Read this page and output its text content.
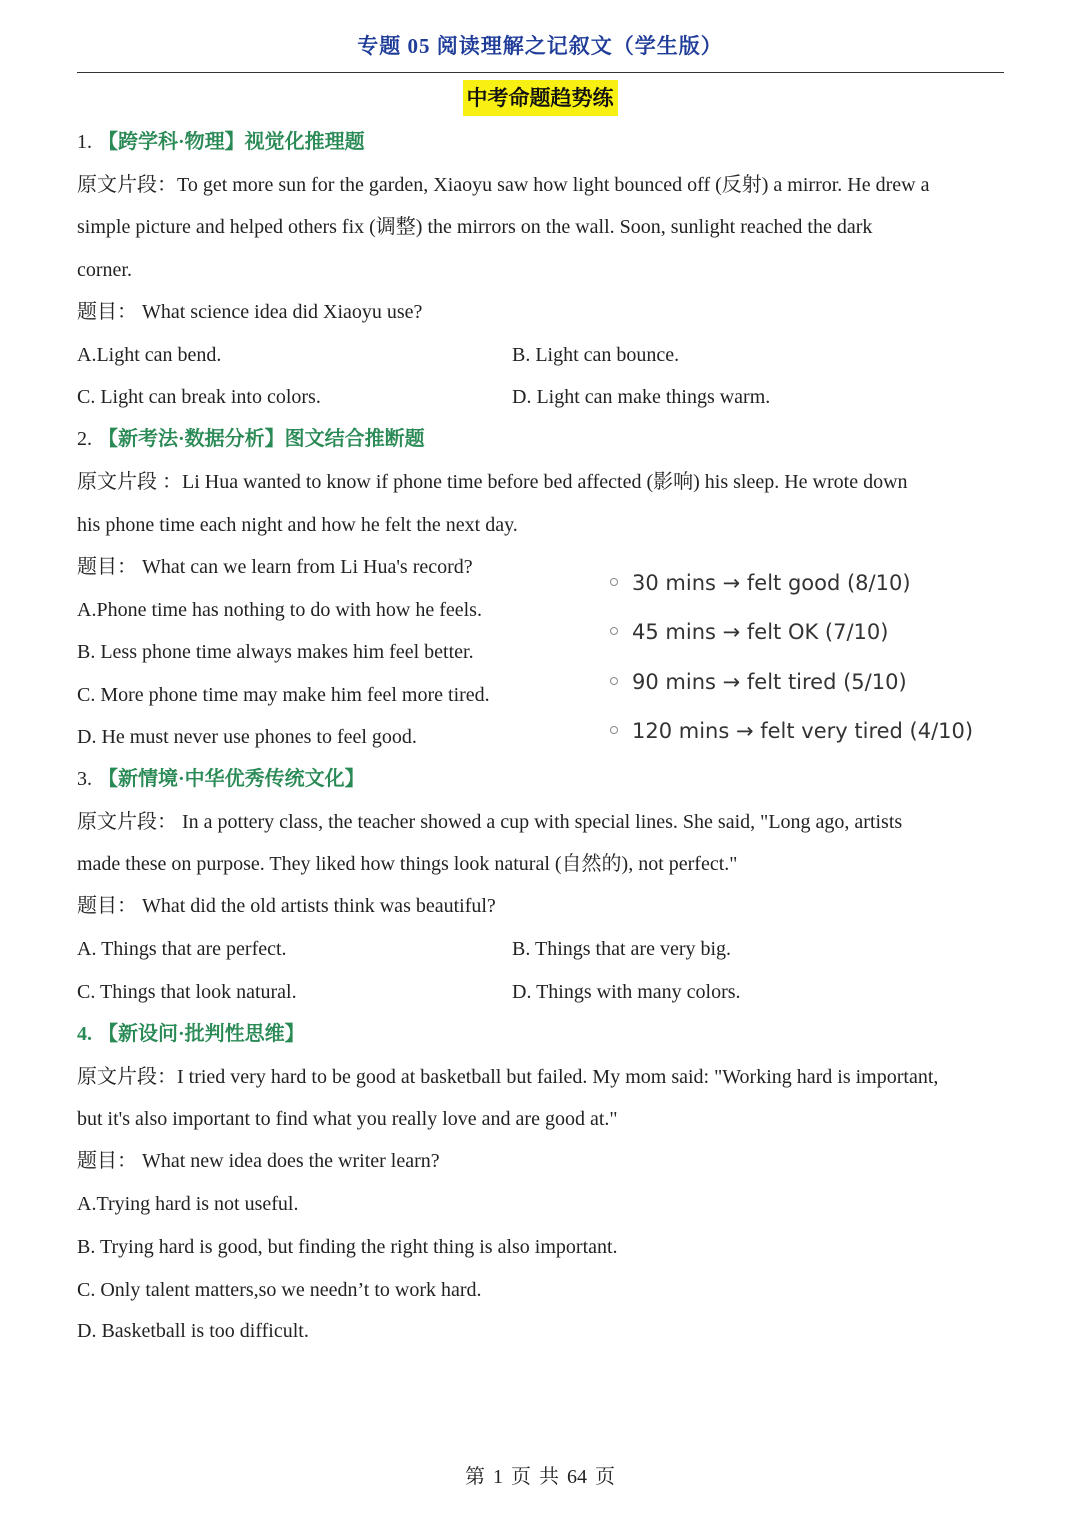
专题 05 阅读理解之记叙文（学生版）
中考命题趋势练
1. 【跨学科·物理】视觉化推理题
原文片段：To get more sun for the garden, Xiaoyu saw how light bounced off (反射) a mirror. He drew a
simple picture and helped others fix (调整) the mirrors on the wall. Soon, sunlight reached the dark
corner.
题目： What science idea did Xiaoyu use?
A.Light can bend.	B. Light can bounce.
C. Light can break into colors.	D. Light can make things warm.
2. 【新考法·数据分析】图文结合推断题
原文片段 ：Li Hua wanted to know if phone time before bed affected (影响) his sleep. He wrote down
his phone time each night and how he felt the next day.
题目： What can we learn from Li Hua's record?
A.Phone time has nothing to do with how he feels.
B. Less phone time always makes him feel better.
C. More phone time may make him feel more tired.
D. He must never use phones to feel good.
30 mins → felt good (8/10)
45 mins → felt OK (7/10)
90 mins → felt tired (5/10)
120 mins → felt very tired (4/10)
3. 【新情境·中华优秀传统文化】
原文片段： In a pottery class, the teacher showed a cup with special lines. She said, "Long ago, artists
made these on purpose. They liked how things look natural (自然的), not perfect."
题目： What did the old artists think was beautiful?
A. Things that are perfect.	B. Things that are very big.
C. Things that look natural.	D. Things with many colors.
4. 【新设问·批判性思维】
原文片段：I tried very hard to be good at basketball but failed. My mom said: "Working hard is important,
but it's also important to find what you really love and are good at."
题目： What new idea does the writer learn?
A.Trying hard is not useful.
B. Trying hard is good, but finding the right thing is also important.
C. Only talent matters,so we needn’t to work hard.
D. Basketball is too difficult.
第 1 页 共 64 页
